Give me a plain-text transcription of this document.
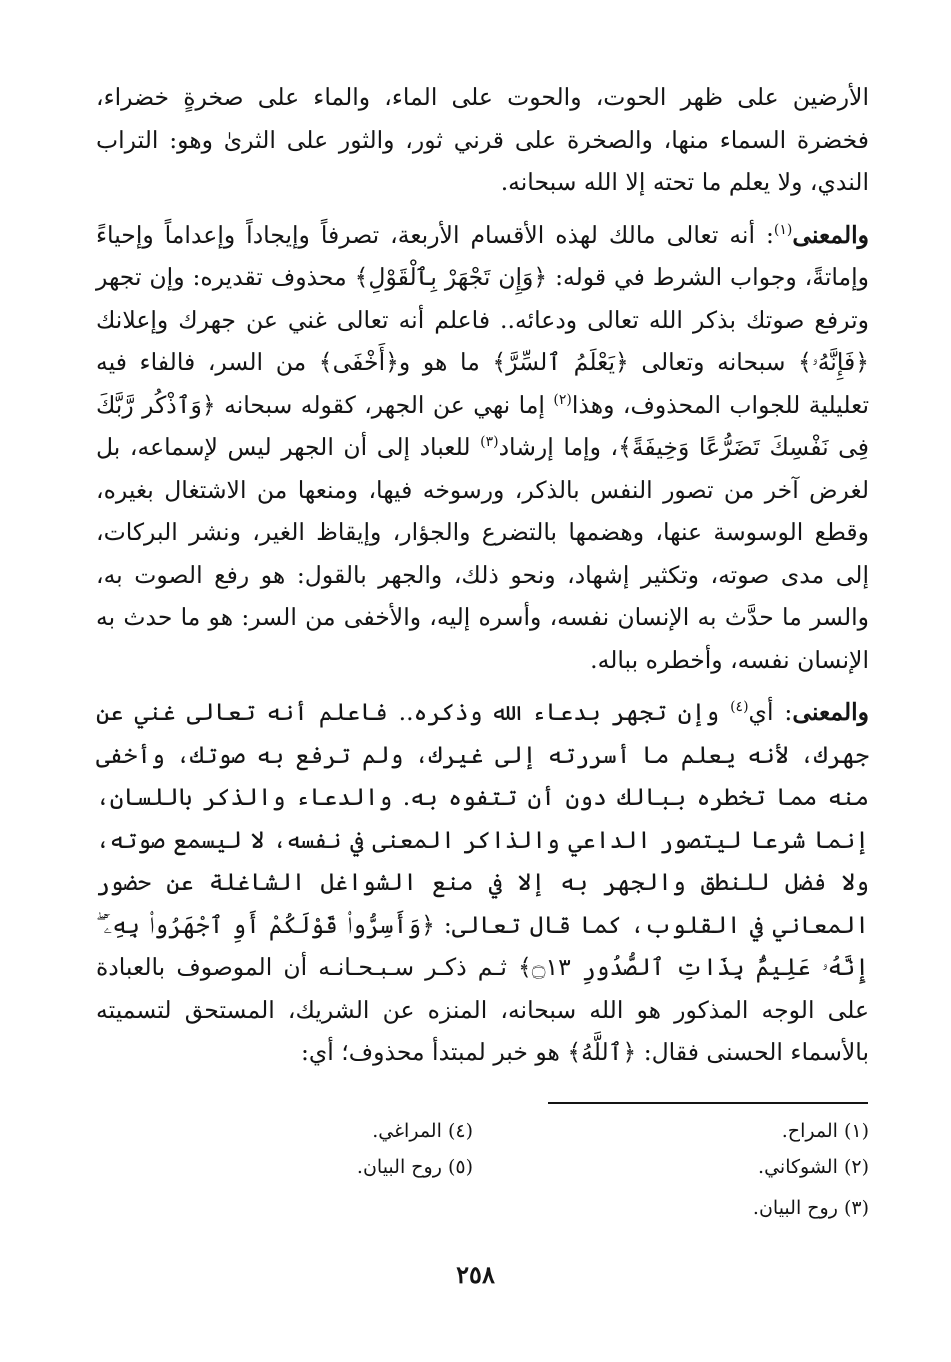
الأرضين على ظهر الحوت، والحوت على الماء، والماء على صخرةٍ خضراء، فخضرة السماء منها، والصخرة على قرني ثور، والثور على الثرىٰ وهو: التراب الندي، ولا يعلم ما تحته إلا الله سبحانه.

والمعنى$^{(١)}$: أنه تعالى مالك لهذه الأقسام الأربعة، تصرفاً وإيجاداً وإعداماً وإحياءً وإماتةً، وجواب الشرط في قوله: ﴿وَإِن تَجْهَرْ بِٱلْقَوْلِ﴾ محذوف تقديره: وإن تجهر وترفع صوتك بذكر الله تعالى ودعائه.. فاعلم أنه تعالى غني عن جهرك وإعلانك ﴿فَإِنَّهُۥ﴾ سبحانه وتعالى ﴿يَعْلَمُ ٱلسِّرَّ﴾ ما هو و﴿أَخْفَى﴾ من السر، فالفاء فيه تعليلية للجواب المحذوف، وهذا$^{(٢)}$ إما نهي عن الجهر، كقوله سبحانه ﴿وَٱذْكُر رَّبَّكَ فِى نَفْسِكَ تَضَرُّعًا وَخِيفَةً﴾، وإما إرشاد$^{(٣)}$ للعباد إلى أن الجهر ليس لإسماعه، بل لغرض آخر من تصور النفس بالذكر، ورسوخه فيها، ومنعها من الاشتغال بغيره، وقطع الوسوسة عنها، وهضمها بالتضرع والجؤار، وإيقاظ الغير، ونشر البركات، إلى مدى صوته، وتكثير إشهاد، ونحو ذلك، والجهر بالقول: هو رفع الصوت به، والسر ما حدَّث به الإنسان نفسه، وأسره إليه، والأخفى من السر: هو ما حدث به الإنسان نفسه، وأخطره بباله.

والمعنى: أي$^{(٤)}$ وإن تجهر بدعاء الله وذكره.. فاعلم أنه تعالى غني عن جهرك، لأنه يعلم ما أسررته إلى غيرك، ولم ترفع به صوتك، وأخفى منه مما تخطره ببالك دون أن تتفوه به. والدعاء والذكر باللسان، إنما شرعا ليتصور الداعي والذاكر المعنى في نفسه، لا ليسمع صوته، ولا فضل للنطق والجهر به إلا في منع الشواغل الشاغلة عن حضور المعاني في القلوب، كما قال تعالى: ﴿وَأَسِرُّوا۟ قَوْلَكُمْ أَوِ ٱجْهَرُوا۟ بِهِۦٓ ۖ إِنَّهُۥ عَلِيمٌۢ بِذَاتِ ٱلصُّدُورِ ۝١٣﴾ ثـم ذكـر سـبـحـانـه أن الموصوف بالعبادة على الوجه المذكور هو الله سبحانه، المنزه عن الشريك، المستحق لتسميته بالأسماء الحسنى فقال: ﴿ٱللَّهُ﴾ هو خبر لمبتدأ محذوف؛ أي:

(١) المراح.
(٢) الشوكاني.
(٣) روح البيان.
(٤) المراغي.
(٥) روح البيان.
٢٥٨
